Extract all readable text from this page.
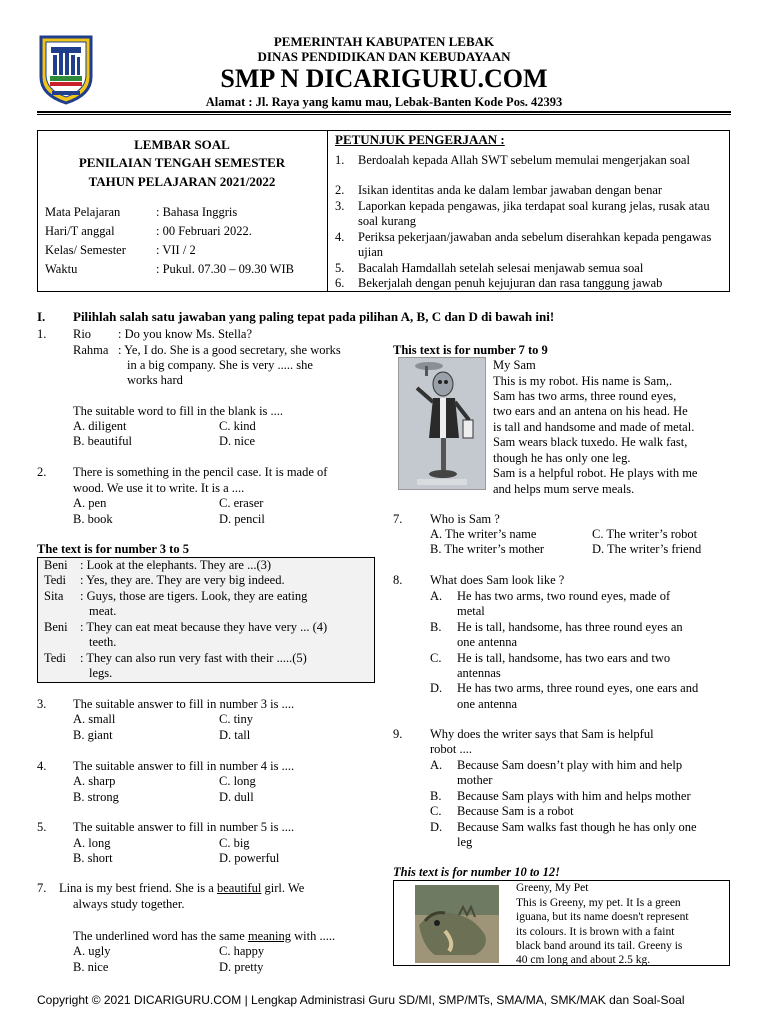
PEMERINTAH KABUPATEN LEBAK
DINAS PENDIDIKAN DAN KEBUDAYAAN
SMP N DICARIGURU.COM
Alamat : Jl. Raya yang kamu mau, Lebak-Banten Kode Pos. 42393
LEMBAR SOAL
PENILAIAN TENGAH SEMESTER
TAHUN PELAJARAN 2021/2022
Mata Pelajaran	: Bahasa Inggris
Hari/T anggal	: 00 Februari 2022.
Kelas/ Semester : VII / 2
Waktu	: Pukul. 07.30 – 09.30 WIB
PETUNJUK PENGERJAAN :
1. Berdoalah kepada Allah SWT sebelum memulai mengerjakan soal
2. Isikan identitas anda ke dalam lembar jawaban dengan benar
3. Laporkan kepada pengawas, jika terdapat soal kurang jelas, rusak atau soal kurang
4. Periksa pekerjaan/jawaban anda sebelum diserahkan kepada pengawas ujian
5. Bacalah Hamdallah setelah selesai menjawab semua soal
6. Bekerjalah dengan penuh kejujuran dan rasa tanggung jawab
I. Pilihlah salah satu jawaban yang paling tepat pada pilihan A, B, C dan D di bawah ini!
1. Rio : Do you know Ms. Stella?
Rahma : Ye, I do. She is a good secretary, she works
in a big company. She is very ..... she
works hard
The suitable word to fill in the blank is ....
A. diligent	C. kind
B. beautiful	D. nice
2. There is something in the pencil case. It is made of
wood. We use it to write. It is a ....
A. pen	C. eraser
B. book	D. pencil
The text is for number 3 to 5
Beni : Look at the elephants. They are ...(3)
Tedi : Yes, they are. They are very big indeed.
Sita : Guys, those are tigers. Look, they are eating
meat.
Beni : They can eat meat because they have very ... (4)
teeth.
Tedi : They can also run very fast with their .....(5)
legs.
3. The suitable answer to fill in number 3 is ....
A. small	C. tiny
B. giant	D. tall
4. The suitable answer to fill in number 4 is ....
A. sharp	C. long
B. strong	D. dull
5. The suitable answer to fill in number 5 is ....
A. long	C. big
B. short	D. powerful
7. Lina is my best friend. She is a beautiful girl. We
always study together.
The underlined word has the same meaning with .....
A. ugly	C. happy
B. nice	D. pretty
This text is for number 7 to 9
My Sam
This is my robot. His name is Sam,.
Sam has two arms, three round eyes,
two ears and an antena on his head. He
is tall and handsome and made of metal.
Sam wears black tuxedo. He walk fast,
though he has only one leg.
Sam is a helpful robot. He plays with me
and helps mum serve meals.
7. Who is Sam ?
A. The writer’s name	C. The writer’s robot
B. The writer’s mother	D. The writer’s friend
8. What does Sam look like ?
A. He has two arms, two round eyes, made of
metal
B. He is tall, handsome, has three round eyes an
one antenna
C. He is tall, handsome, has two ears and two
antennas
D. He has two arms, three round eyes, one ears and
one antenna
9. Why does the writer says that Sam is helpful
robot ....
A. Because Sam doesn’t play with him and help
mother
B. Because Sam plays with him and helps mother
C. Because Sam is a robot
D. Because Sam walks fast though he has only one
leg
This text is for number 10 to 12!
Greeny, My Pet
This is Greeny, my pet. It Is a green
iguana, but its name doesn't represent
its colours. It is brown with a faint
black band around its tail. Greeny is
40 cm long and about 2.5 kg.
Copyright © 2021 DICARIGURU.COM | Lengkap Administrasi Guru SD/MI, SMP/MTs, SMA/MA, SMK/MAK dan Soal-Soal
